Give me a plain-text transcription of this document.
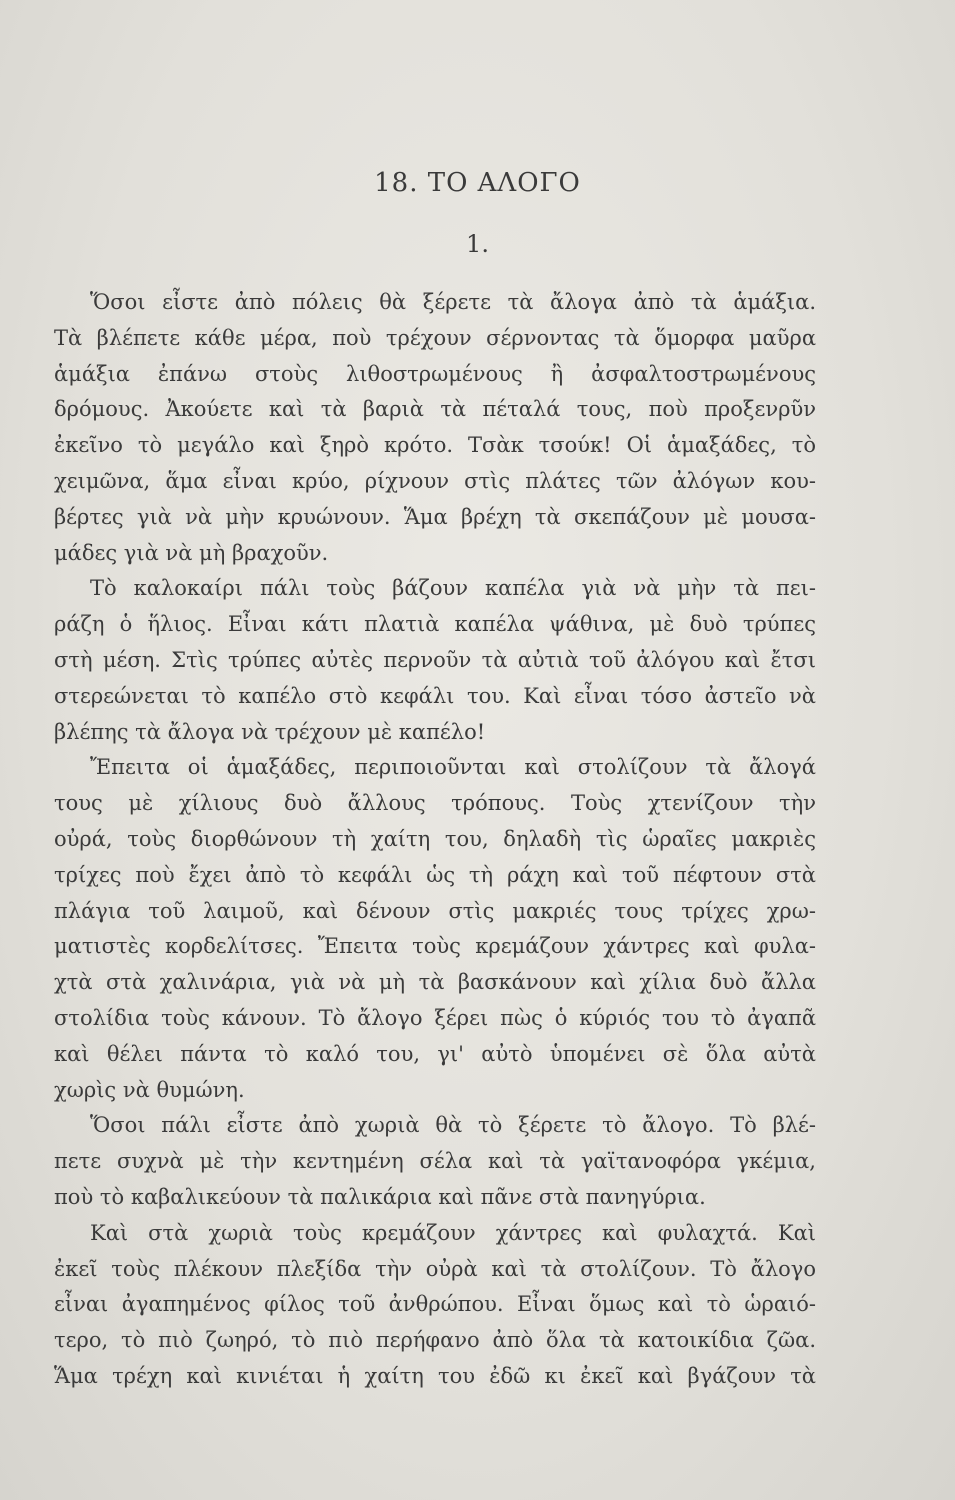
18. ΤΟ ΑΛΟΓΟ
1.
Ὅσοι εἶστε ἀπὸ πόλεις θὰ ξέρετε τὰ ἄλογα ἀπὸ τὰ ἁμάξια.
Τὰ βλέπετε κάθε μέρα, ποὺ τρέχουν σέρνοντας τὰ ὅμορφα μαῦρα
ἁμάξια ἐπάνω στοὺς λιθοστρωμένους ἢ ἀσφαλτοστρωμένους
δρόμους. Ἀκούετε καὶ τὰ βαριὰ τὰ πέταλά τους, ποὺ προξενρῦν
ἐκεῖνο τὸ μεγάλο καὶ ξηρὸ κρότο. Τσὰκ τσούκ! Οἱ ἁμαξάδες, τὸ
χειμῶνα, ἅμα εἶναι κρύο, ρίχνουν στὶς πλάτες τῶν ἀλόγων κου-
βέρτες γιὰ νὰ μὴν κρυώνουν. Ἅμα βρέχη τὰ σκεπάζουν μὲ μουσα-
μάδες γιὰ νὰ μὴ βραχοῦν.
Τὸ καλοκαίρι πάλι τοὺς βάζουν καπέλα γιὰ νὰ μὴν τὰ πει-
ράζη ὁ ἥλιος. Εἶναι κάτι πλατιὰ καπέλα ψάθινα, μὲ δυὸ τρύπες
στὴ μέση. Στὶς τρύπες αὐτὲς περνοῦν τὰ αὐτιὰ τοῦ ἀλόγου καὶ ἔτσι
στερεώνεται τὸ καπέλο στὸ κεφάλι του. Καὶ εἶναι τόσο ἀστεῖο νὰ
βλέπης τὰ ἄλογα νὰ τρέχουν μὲ καπέλο!
Ἔπειτα οἱ ἁμαξάδες, περιποιοῦνται καὶ στολίζουν τὰ ἄλογά
τους μὲ χίλιους δυὸ ἄλλους τρόπους. Τοὺς χτενίζουν τὴν
οὐρά, τοὺς διορθώνουν τὴ χαίτη του, δηλαδὴ τὶς ὡραῖες μακριὲς
τρίχες ποὺ ἔχει ἀπὸ τὸ κεφάλι ὡς τὴ ράχη καὶ τοῦ πέφτουν στὰ
πλάγια τοῦ λαιμοῦ, καὶ δένουν στὶς μακριές τους τρίχες χρω-
ματιστὲς κορδελίτσες. Ἔπειτα τοὺς κρεμάζουν χάντρες καὶ φυλα-
χτὰ στὰ χαλινάρια, γιὰ νὰ μὴ τὰ βασκάνουν καὶ χίλια δυὸ ἄλλα
στολίδια τοὺς κάνουν. Τὸ ἄλογο ξέρει πὼς ὁ κύριός του τὸ ἀγαπᾶ
καὶ θέλει πάντα τὸ καλό του, γι' αὐτὸ ὑπομένει σὲ ὅλα αὐτὰ
χωρὶς νὰ θυμώνη.
Ὅσοι πάλι εἶστε ἀπὸ χωριὰ θὰ τὸ ξέρετε τὸ ἄλογο. Τὸ βλέ-
πετε συχνὰ μὲ τὴν κεντημένη σέλα καὶ τὰ γαϊτανοφόρα γκέμια,
ποὺ τὸ καβαλικεύουν τὰ παλικάρια καὶ πᾶνε στὰ πανηγύρια.
Καὶ στὰ χωριὰ τοὺς κρεμάζουν χάντρες καὶ φυλαχτά. Καὶ
ἐκεῖ τοὺς πλέκουν πλεξίδα τὴν οὐρὰ καὶ τὰ στολίζουν. Τὸ ἄλογο
εἶναι ἀγαπημένος φίλος τοῦ ἀνθρώπου. Εἶναι ὅμως καὶ τὸ ὡραιό-
τερο, τὸ πιὸ ζωηρό, τὸ πιὸ περήφανο ἀπὸ ὅλα τὰ κατοικίδια ζῶα.
Ἅμα τρέχη καὶ κινιέται ἡ χαίτη του ἐδῶ κι ἐκεῖ καὶ βγάζουν τὰ
